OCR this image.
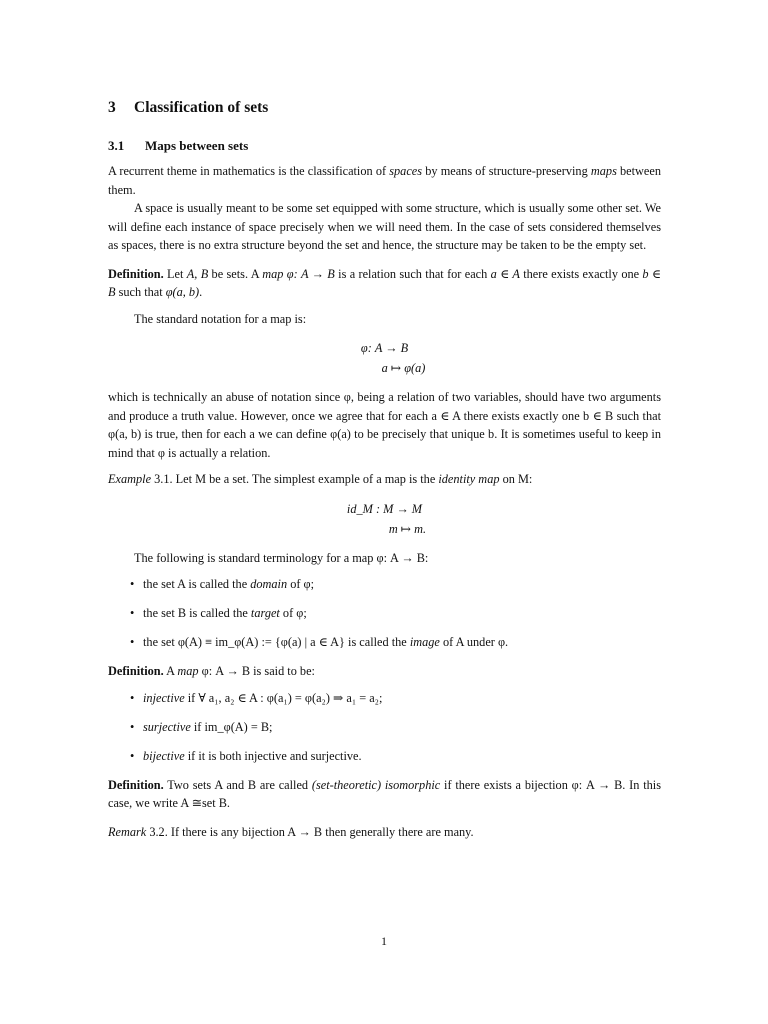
3 Classification of sets
3.1 Maps between sets

A recurrent theme in mathematics is the classification of spaces by means of structure-preserving maps between them.

A space is usually meant to be some set equipped with some structure, which is usually some other set. We will define each instance of space precisely when we will need them. In the case of sets considered themselves as spaces, there is no extra structure beyond the set and hence, the structure may be taken to be the empty set.

Definition. Let A, B be sets. A map φ: A → B is a relation such that for each a ∈ A there exists exactly one b ∈ B such that φ(a, b).

The standard notation for a map is:

φ: A → B
a ↦ φ(a)

which is technically an abuse of notation since φ, being a relation of two variables, should have two arguments and produce a truth value. However, once we agree that for each a ∈ A there exists exactly one b ∈ B such that φ(a, b) is true, then for each a we can define φ(a) to be precisely that unique b. It is sometimes useful to keep in mind that φ is actually a relation.

Example 3.1. Let M be a set. The simplest example of a map is the identity map on M:

id_M : M → M
m ↦ m.

The following is standard terminology for a map φ: A → B:

• the set A is called the domain of φ;
• the set B is called the target of φ;
• the set φ(A) ≡ im_φ(A) := {φ(a) | a ∈ A} is called the image of A under φ.

Definition. A map φ: A → B is said to be:

• injective if ∀ a₁, a₂ ∈ A : φ(a₁) = φ(a₂) ⇒ a₁ = a₂;
• surjective if im_φ(A) = B;
• bijective if it is both injective and surjective.

Definition. Two sets A and B are called (set-theoretic) isomorphic if there exists a bijection φ: A → B. In this case, we write A ≅set B.

Remark 3.2. If there is any bijection A → B then generally there are many.

1
